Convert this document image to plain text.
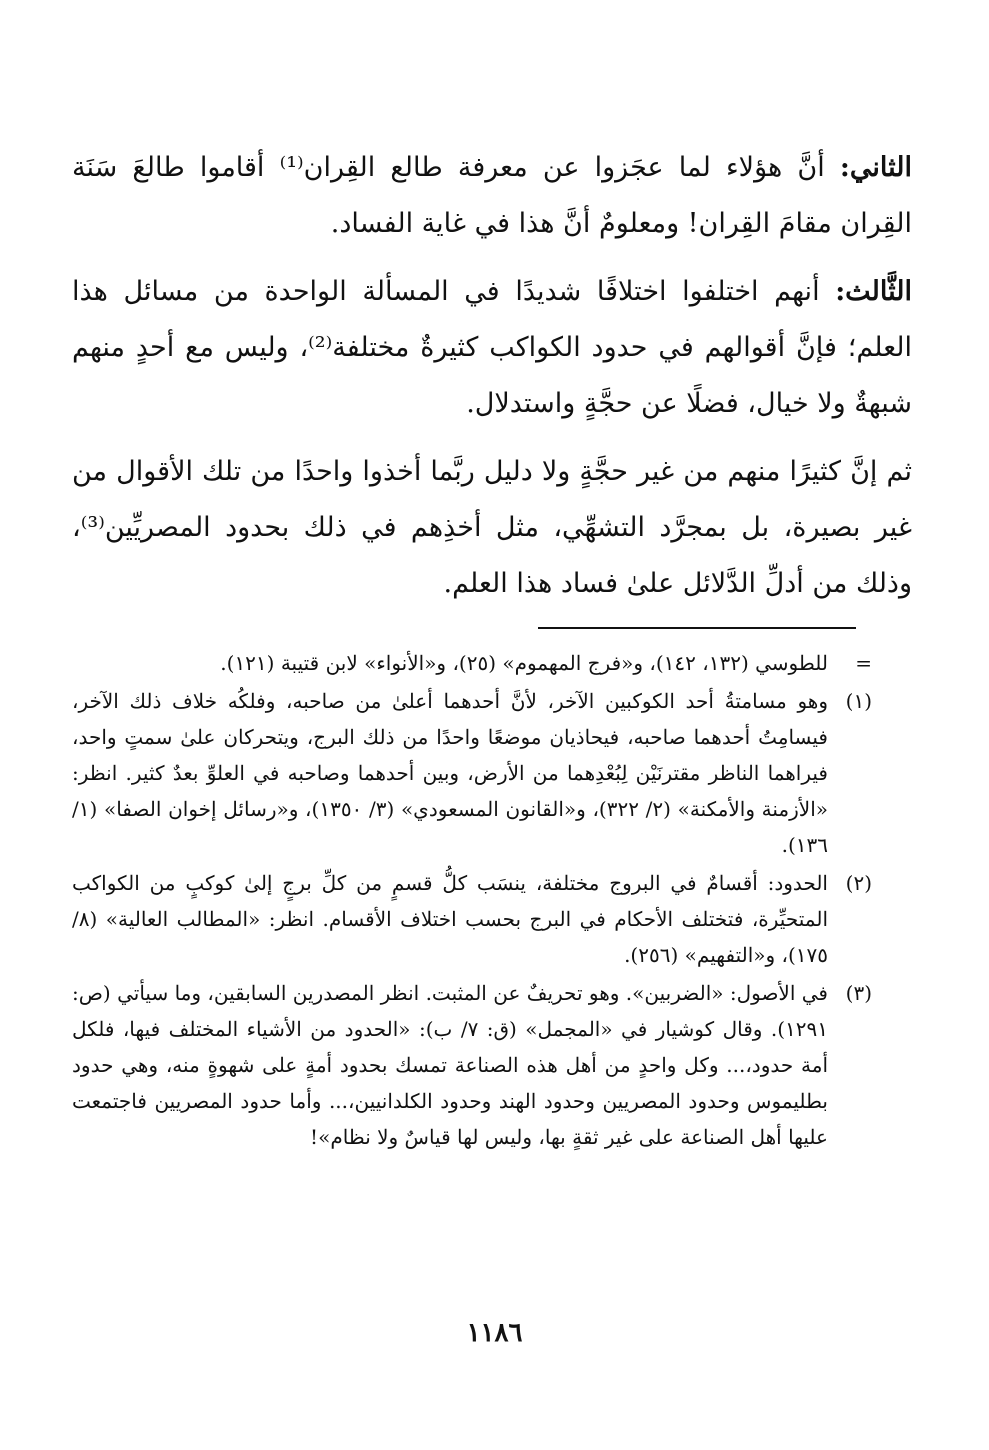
الثاني: أنَّ هؤلاء لما عجَزوا عن معرفة طالع القِران⁽¹⁾ أقاموا طالعَ سَنَة القِران مقامَ القِران! ومعلومٌ أنَّ هذا في غاية الفساد.

الثَّالث: أنهم اختلفوا اختلافًا شديدًا في المسألة الواحدة من مسائل هذا العلم؛ فإنَّ أقوالهم في حدود الكواكب كثيرةٌ مختلفة⁽²⁾، وليس مع أحدٍ منهم شبهةٌ ولا خيال، فضلًا عن حجَّةٍ واستدلال.

ثم إنَّ كثيرًا منهم من غير حجَّةٍ ولا دليل ربَّما أخذوا واحدًا من تلك الأقوال من غير بصيرة، بل بمجرَّد التشهِّي، مثل أخذِهم في ذلك بحدود المصريِّين⁽³⁾، وذلك من أدلِّ الدَّلائل علىٰ فساد هذا العلم.

=
للطوسي (١٣٢، ١٤٢)، و«فرج المهموم» (٢٥)، و«الأنواء» لابن قتيبة (١٢١).
(١)
وهو مسامتةُ أحد الكوكبين الآخر، لأنَّ أحدهما أعلىٰ من صاحبه، وفلكُه خلاف ذلك الآخر، فيسامِتُ أحدهما صاحبه، فيحاذيان موضعًا واحدًا من ذلك البرج، ويتحركان علىٰ سمتٍ واحد، فيراهما الناظر مقترنَيْن لِبُعْدِهما من الأرض، وبين أحدهما وصاحبه في العلوِّ بعدٌ كثير. انظر: «الأزمنة والأمكنة» (٢/ ٣٢٢)، و«القانون المسعودي» (٣/ ١٣٥٠)، و«رسائل إخوان الصفا» (١/ ١٣٦).
(٢)
الحدود: أقسامٌ في البروج مختلفة، ينسَب كلُّ قسمٍ من كلِّ برجٍ إلىٰ كوكبٍ من الكواكب المتحيِّرة، فتختلف الأحكام في البرج بحسب اختلاف الأقسام. انظر: «المطالب العالية» (٨/ ١٧٥)، و«التفهيم» (٢٥٦).
(٣)
في الأصول: «الضربين». وهو تحريفٌ عن المثبت. انظر المصدرين السابقين، وما سيأتي (ص: ١٢٩١). وقال كوشيار في «المجمل» (ق: ٧/ ب): «الحدود من الأشياء المختلف فيها، فلكل أمة حدود،... وكل واحدٍ من أهل هذه الصناعة تمسك بحدود أمةٍ على شهوةٍ منه، وهي حدود بطليموس وحدود المصريين وحدود الهند وحدود الكلدانيين،... وأما حدود المصريين فاجتمعت عليها أهل الصناعة على غير ثقةٍ بها، وليس لها قياسٌ ولا نظام»!
١١٨٦
